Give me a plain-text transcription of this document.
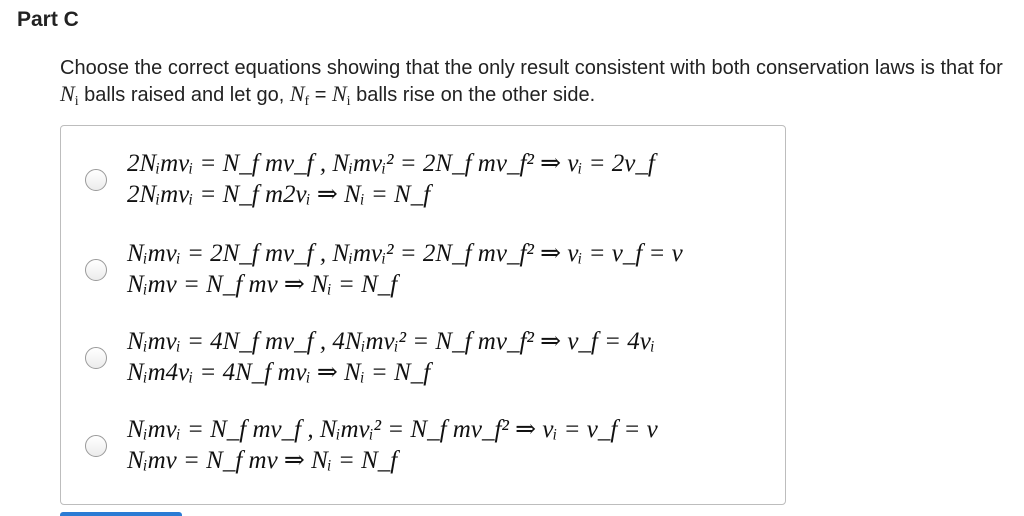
Part C
Choose the correct equations showing that the only result consistent with both conservation laws is that for $N_i$ balls raised and let go, $N_f = N_i$ balls rise on the other side.
2Nᵢmvᵢ = N_f mv_f , Nᵢmvᵢ² = 2N_f mv_f² ⇒ vᵢ = 2v_f
2Nᵢmvᵢ = N_f m2vᵢ ⇒ Nᵢ = N_f
Nᵢmvᵢ = 2N_f mv_f , Nᵢmvᵢ² = 2N_f mv_f² ⇒ vᵢ = v_f = v
Nᵢmv = N_f mv ⇒ Nᵢ = N_f
Nᵢmvᵢ = 4N_f mv_f , 4Nᵢmvᵢ² = N_f mv_f² ⇒ v_f = 4vᵢ
Nᵢm4vᵢ = 4N_f mvᵢ ⇒ Nᵢ = N_f
Nᵢmvᵢ = N_f mv_f , Nᵢmvᵢ² = N_f mv_f² ⇒ vᵢ = v_f = v
Nᵢmv = N_f mv ⇒ Nᵢ = N_f
